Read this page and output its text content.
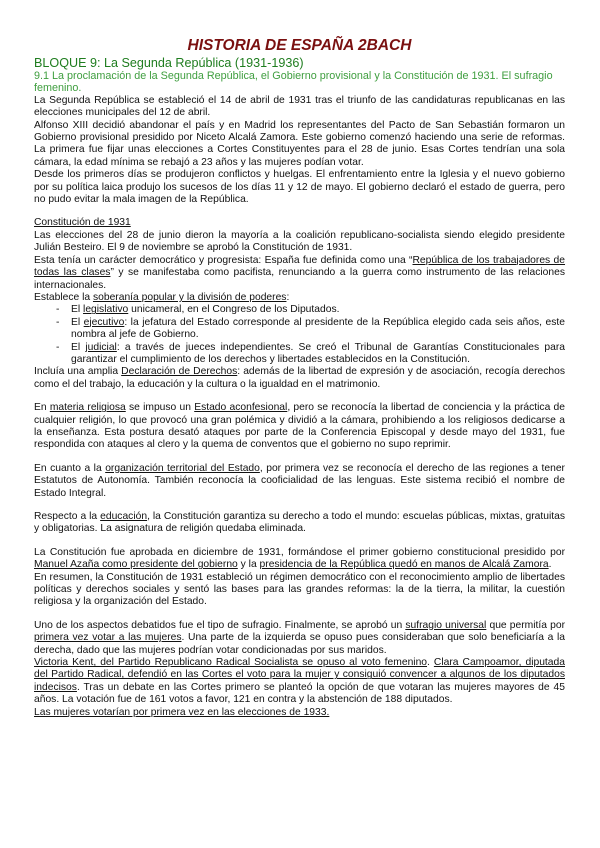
HISTORIA DE ESPAÑA 2BACH
BLOQUE 9: La Segunda República (1931-1936)
9.1 La proclamación de la Segunda República, el Gobierno provisional y la Constitución de 1931. El sufragio femenino.

La Segunda República se estableció el 14 de abril de 1931 tras el triunfo de las candidaturas republicanas en las elecciones municipales del 12 de abril.

Alfonso XIII decidió abandonar el país y en Madrid los representantes del Pacto de San Sebastián formaron un Gobierno provisional presidido por Niceto Alcalá Zamora. Este gobierno comenzó haciendo una serie de reformas. La primera fue fijar unas elecciones a Cortes Constituyentes para el 28 de junio. Esas Cortes tendrían una sola cámara, la edad mínima se rebajó a 23 años y las mujeres podían votar.

Desde los primeros días se produjeron conflictos y huelgas. El enfrentamiento entre la Iglesia y el nuevo gobierno por su política laica produjo los sucesos de los días 11 y 12 de mayo. El gobierno declaró el estado de guerra, pero no pudo evitar la mala imagen de la República.

Constitución de 1931

Las elecciones del 28 de junio dieron la mayoría a la coalición republicano-socialista siendo elegido presidente Julián Besteiro. El 9 de noviembre se aprobó la Constitución de 1931.

Esta tenía un carácter democrático y progresista: España fue definida como una “República de los trabajadores de todas las clases” y se manifestaba como pacifista, renunciando a la guerra como instrumento de las relaciones internacionales.

Establece la soberanía popular y la división de poderes:

- El legislativo unicameral, en el Congreso de los Diputados.
- El ejecutivo: la jefatura del Estado corresponde al presidente de la República elegido cada seis años, este nombra al jefe de Gobierno.
- El judicial: a través de jueces independientes. Se creó el Tribunal de Garantías Constitucionales para garantizar el cumplimiento de los derechos y libertades establecidos en la Constitución.

Incluía una amplia Declaración de Derechos: además de la libertad de expresión y de asociación, recogía derechos como el del trabajo, la educación y la cultura o la igualdad en el matrimonio.

En materia religiosa se impuso un Estado aconfesional, pero se reconocía la libertad de conciencia y la práctica de cualquier religión, lo que provocó una gran polémica y dividió a la cámara, prohibiendo a los religiosos dedicarse a la enseñanza. Esta postura desató ataques por parte de la Conferencia Episcopal y desde mayo del 1931, fue respondida con ataques al clero y la quema de conventos que el gobierno no supo reprimir.

En cuanto a la organización territorial del Estado, por primera vez se reconocía el derecho de las regiones a tener Estatutos de Autonomía. También reconocía la cooficialidad de las lenguas. Este sistema recibió el nombre de Estado Integral.

Respecto a la educación, la Constitución garantiza su derecho a todo el mundo: escuelas públicas, mixtas, gratuitas y obligatorias. La asignatura de religión quedaba eliminada.

La Constitución fue aprobada en diciembre de 1931, formándose el primer gobierno constitucional presidido por Manuel Azaña como presidente del gobierno y la presidencia de la República quedó en manos de Alcalá Zamora.

En resumen, la Constitución de 1931 estableció un régimen democrático con el reconocimiento amplio de libertades políticas y derechos sociales y sentó las bases para las grandes reformas: la de la tierra, la militar, la cuestión religiosa y la organización del Estado.

Uno de los aspectos debatidos fue el tipo de sufragio. Finalmente, se aprobó un sufragio universal que permitía por primera vez votar a las mujeres. Una parte de la izquierda se opuso pues consideraban que solo beneficiaría a la derecha, dado que las mujeres podrían votar condicionadas por sus maridos.

Victoria Kent, del Partido Republicano Radical Socialista se opuso al voto femenino. Clara Campoamor, diputada del Partido Radical, defendió en las Cortes el voto para la mujer y consiguió convencer a algunos de los diputados indecisos. Tras un debate en las Cortes primero se planteó la opción de que votaran las mujeres mayores de 45 años. La votación fue de 161 votos a favor, 121 en contra y la abstención de 188 diputados.

Las mujeres votarían por primera vez en las elecciones de 1933.
